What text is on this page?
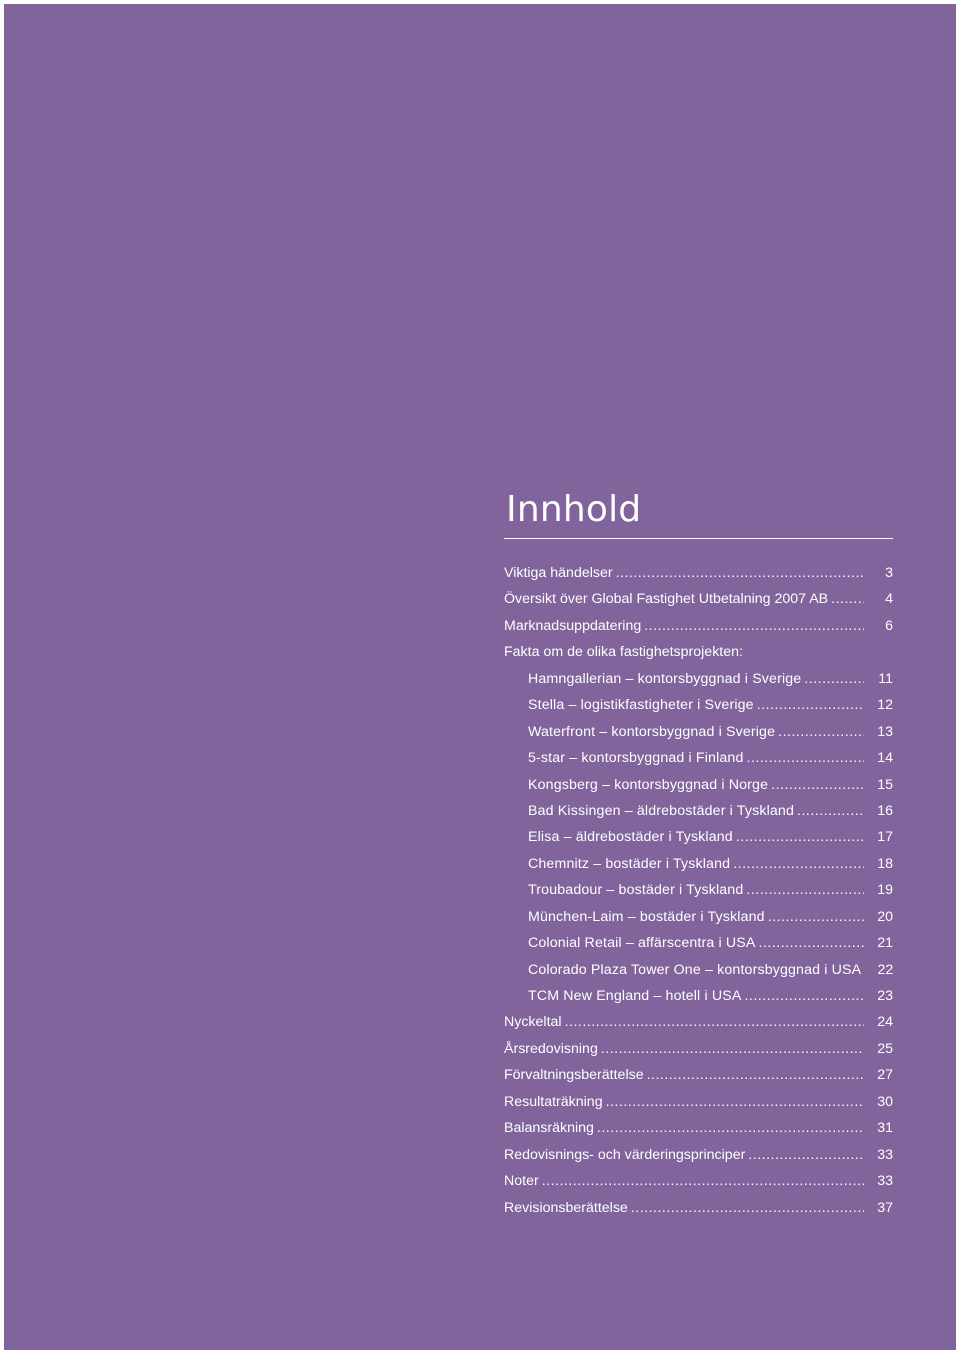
Innhold
Viktiga händelser .....	3
Översikt över Global Fastighet Utbetalning 2007 AB .....	4
Marknadsuppdatering .....	6
Fakta om de olika fastighetsprojekten:
Hamngallerian – kontorsbyggnad i Sverige .....	11
Stella – logistikfastigheter i Sverige .....	12
Waterfront – kontorsbyggnad i Sverige .....	13
5-star – kontorsbyggnad i Finland .....	14
Kongsberg – kontorsbyggnad i Norge .....	15
Bad Kissingen – äldrebostäder i Tyskland .....	16
Elisa – äldrebostäder i Tyskland .....	17
Chemnitz – bostäder i Tyskland .....	18
Troubadour – bostäder i Tyskland .....	19
München-Laim – bostäder i Tyskland .....	20
Colonial Retail – affärscentra i USA .....	21
Colorado Plaza Tower One – kontorsbyggnad i USA	22
TCM New England – hotell i USA .....	23
Nyckeltal .....	24
Årsredovisning .....	25
Förvaltningsberättelse .....	27
Resultaträkning .....	30
Balansräkning .....	31
Redovisnings- och värderingsprinciper .....	33
Noter .....	33
Revisionsberättelse .....	37
